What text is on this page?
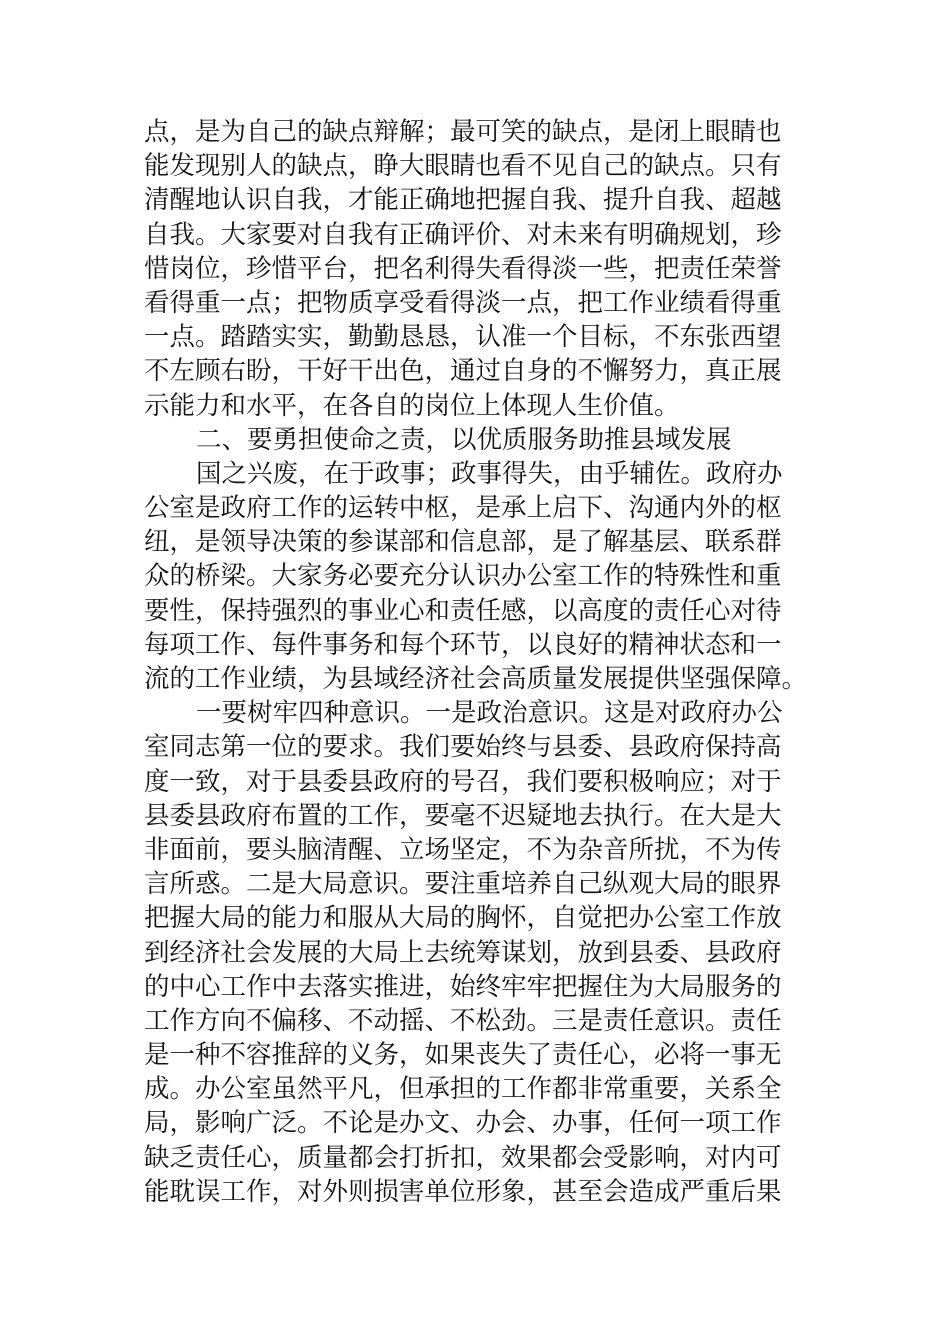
点，是为自己的缺点辩解；最可笑的缺点，是闭上眼睛也
能发现别人的缺点，睁大眼睛也看不见自己的缺点。只有
清醒地认识自我，才能正确地把握自我、提升自我、超越
自我。大家要对自我有正确评价、对未来有明确规划，珍
惜岗位，珍惜平台，把名利得失看得淡一些，把责任荣誉
看得重一点；把物质享受看得淡一点，把工作业绩看得重
一点。踏踏实实，勤勤恳恳，认准一个目标，不东张西望
不左顾右盼，干好干出色，通过自身的不懈努力，真正展
示能力和水平，在各自的岗位上体现人生价值。
二、要勇担使命之责，以优质服务助推县域发展
国之兴废，在于政事；政事得失，由乎辅佐。政府办
公室是政府工作的运转中枢，是承上启下、沟通内外的枢
纽，是领导决策的参谋部和信息部，是了解基层、联系群
众的桥梁。大家务必要充分认识办公室工作的特殊性和重
要性，保持强烈的事业心和责任感，以高度的责任心对待
每项工作、每件事务和每个环节，以良好的精神状态和一
流的工作业绩，为县域经济社会高质量发展提供坚强保障。
一要树牢四种意识。一是政治意识。这是对政府办公
室同志第一位的要求。我们要始终与县委、县政府保持高
度一致，对于县委县政府的号召，我们要积极响应；对于
县委县政府布置的工作，要毫不迟疑地去执行。在大是大
非面前，要头脑清醒、立场坚定，不为杂音所扰，不为传
言所惑。二是大局意识。要注重培养自己纵观大局的眼界
把握大局的能力和服从大局的胸怀，自觉把办公室工作放
到经济社会发展的大局上去统筹谋划，放到县委、县政府
的中心工作中去落实推进，始终牢牢把握住为大局服务的
工作方向不偏移、不动摇、不松劲。三是责任意识。责任
是一种不容推辞的义务，如果丧失了责任心，必将一事无
成。办公室虽然平凡，但承担的工作都非常重要，关系全
局，影响广泛。不论是办文、办会、办事，任何一项工作
缺乏责任心，质量都会打折扣，效果都会受影响，对内可
能耽误工作，对外则损害单位形象，甚至会造成严重后果
